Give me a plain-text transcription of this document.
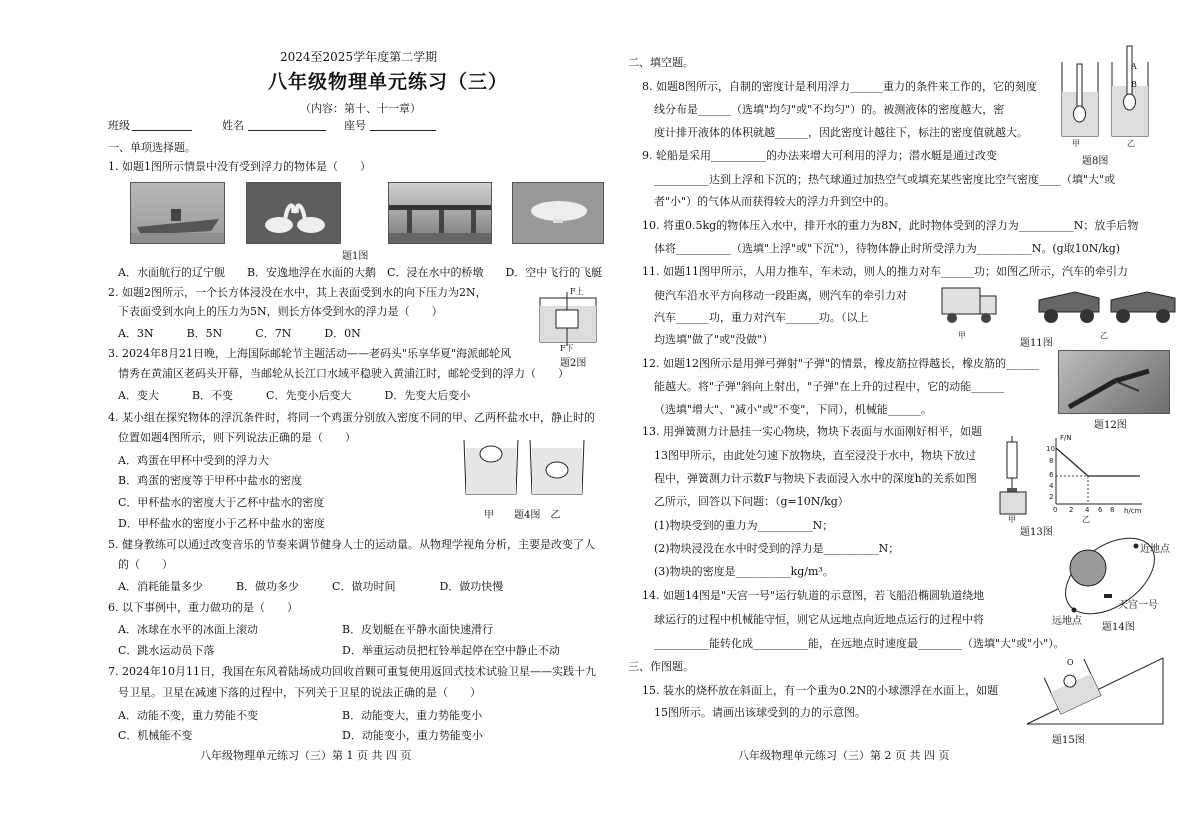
2024至2025学年度第二学期
八年级物理单元练习（三）
（内容：第十、十一章）
班级	姓名	座号
一、单项选择题。
1. 如题1图所示情景中没有受到浮力的物体是（　　）
题1图
A．水面航行的辽宁舰　　B．安逸地浮在水面的大鹅　C．浸在水中的桥墩　　D．空中飞行的飞艇
2. 如题2图所示，一个长方体浸没在水中，其上表面受到水的向下压力为2N，
下表面受到水向上的压力为5N，则长方体受到水的浮力是（　　）
A．3N　　　B．5N　　　C．7N　　　D．0N
F上
F下
题2图
3. 2024年8月21日晚，上海国际邮轮节主题活动——老码头"乐享华夏"海派邮轮风
情秀在黄浦区老码头开幕，当邮轮从长江口水域平稳驶入黄浦江时，邮轮受到的浮力（　　）
A．变大　　　B．不变　　　C．先变小后变大　　　D．先变大后变小
4. 某小组在探究物体的浮沉条件时，将同一个鸡蛋分别放入密度不同的甲、乙两杯盐水中，静止时的
位置如题4图所示，则下列说法正确的是（　　）
A．鸡蛋在甲杯中受到的浮力大
B．鸡蛋的密度等于甲杯中盐水的密度
C．甲杯盐水的密度大于乙杯中盐水的密度
D．甲杯盐水的密度小于乙杯中盐水的密度
甲　　题4图　乙
5. 健身教练可以通过改变音乐的节奏来调节健身人士的运动量。从物理学视角分析，主要是改变了人
的（　　）
A．消耗能量多少　　　B．做功多少　　　C．做功时间　　　　D．做功快慢
6. 以下事例中，重力做功的是（　　）
A．冰球在水平的冰面上滚动	B．皮划艇在平静水面快速滑行
C．跳水运动员下落	D．举重运动员把杠铃举起停在空中静止不动
7. 2024年10月11日，我国在东风着陆场成功回收首颗可重复使用返回式技术试验卫星——实践十九
号卫星。卫星在减速下落的过程中，下列关于卫星的说法正确的是（　　）
A．动能不变，重力势能不变	B．动能变大，重力势能变小
C．机械能不变	D．动能变小，重力势能变小
八年级物理单元练习（三）第 1 页 共 四 页
二、填空题。
8. 如题8图所示，自制的密度计是利用浮力______重力的条件来工作的，它的刻度
线分布是______（选填"均匀"或"不均匀"）的。被测液体的密度越大，密
度计排开液体的体积就越______，因此密度计越往下，标注的密度值就越大。
A
B
甲	乙
题8图
9. 轮船是采用__________的办法来增大可利用的浮力；潜水艇是通过改变
__________达到上浮和下沉的；热气球通过加热空气或填充某些密度比空气密度____（填"大"或
者"小"）的气体从而获得较大的浮力升到空中的。
10. 将重0.5kg的物体压入水中，排开水的重力为8N，此时物体受到的浮力为__________N；放手后物
体将__________（选填"上浮"或"下沉"），待物体静止时所受浮力为__________N。(g取10N/kg)
11. 如题11图甲所示，人用力推车，车未动，则人的推力对车______功；如图乙所示，汽车的牵引力
使汽车沿水平方向移动一段距离，则汽车的牵引力对
汽车______功，重力对汽车______功。（以上
均选填"做了"或"没做"）	甲	乙
题11图
12. 如题12图所示是用弹弓弹射"子弹"的情景，橡皮筋拉得越长，橡皮筋的______
能越大。将"子弹"斜向上射出，"子弹"在上升的过程中，它的动能______
（选填"增大"、"减小"或"不变"，下同），机械能______。
题12图
13. 用弹簧测力计悬挂一实心物块，物块下表面与水面刚好相平，如题
13图甲所示，由此处匀速下放物块，直至浸没于水中，物块下放过
程中，弹簧测力计示数F与物块下表面浸入水中的深度h的关系如图
乙所示，回答以下问题：（g=10N/kg）
(1)物块受到的重力为__________N；
(2)物块浸没在水中时受到的浮力是__________N；
(3)物块的密度是__________kg/m³。
甲
F/N
h/cm
10
8
6
4
2
0 2 4 6 8
乙
题13图
14. 如题14图是"天宫一号"运行轨道的示意图，若飞船沿椭圆轨道绕地
球运行的过程中机械能守恒，则它从远地点向近地点运行的过程中将
__________能转化成__________能，在远地点时速度最________（选填"大"或"小"）。
近地点
远地点
天宫一号
题14图
三、作图题。
15. 装水的烧杯放在斜面上，有一个重为0.2N的小球漂浮在水面上，如题
15图所示。请画出该球受到的力的示意图。
O
题15图
八年级物理单元练习（三）第 2 页 共 四 页
